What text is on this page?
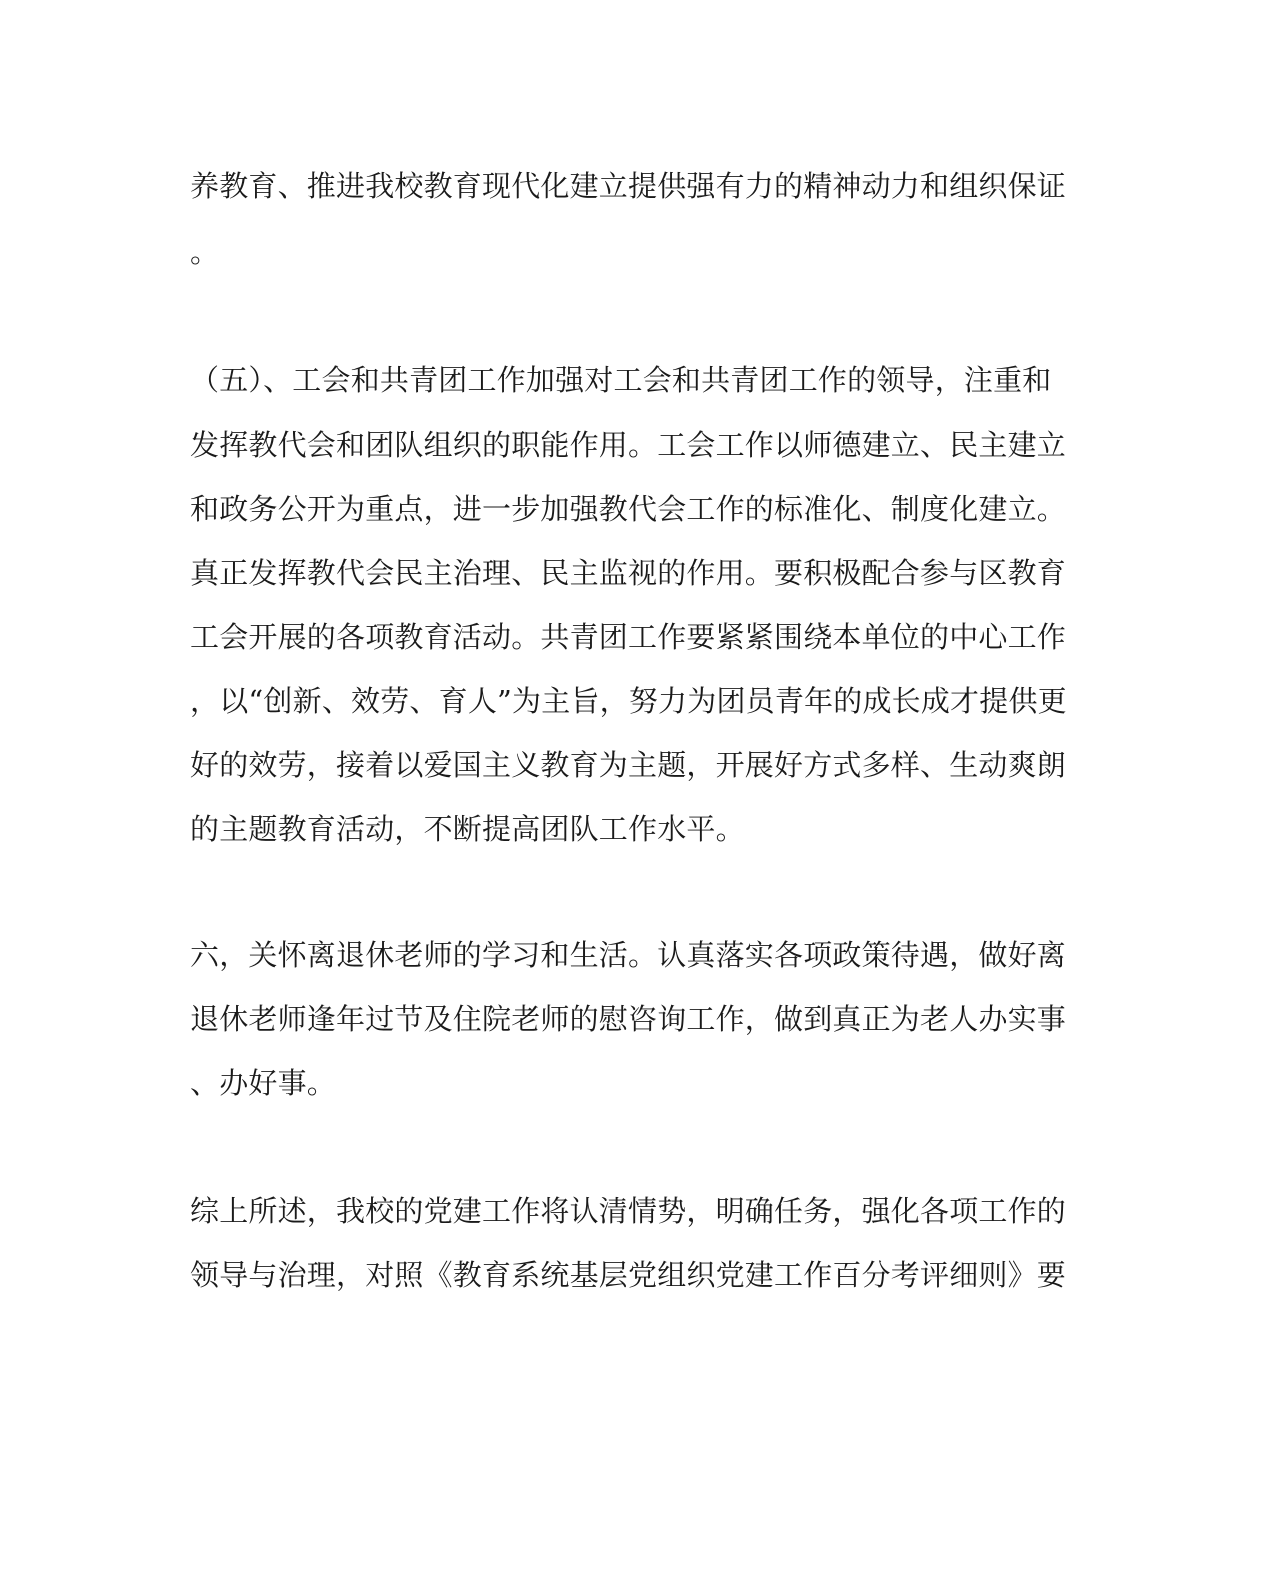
养教育、推进我校教育现代化建立提供强有力的精神动力和组织保证
。
（五）、工会和共青团工作加强对工会和共青团工作的领导，注重和
发挥教代会和团队组织的职能作用。工会工作以师德建立、民主建立
和政务公开为重点，进一步加强教代会工作的标准化、制度化建立。
真正发挥教代会民主治理、民主监视的作用。要积极配合参与区教育
工会开展的各项教育活动。共青团工作要紧紧围绕本单位的中心工作
，以“创新、效劳、育人”为主旨，努力为团员青年的成长成才提供更
好的效劳，接着以爱国主义教育为主题，开展好方式多样、生动爽朗
的主题教育活动，不断提高团队工作水平。
六，关怀离退休老师的学习和生活。认真落实各项政策待遇，做好离
退休老师逢年过节及住院老师的慰咨询工作，做到真正为老人办实事
、办好事。
综上所述，我校的党建工作将认清情势，明确任务，强化各项工作的
领导与治理，对照《教育系统基层党组织党建工作百分考评细则》要
